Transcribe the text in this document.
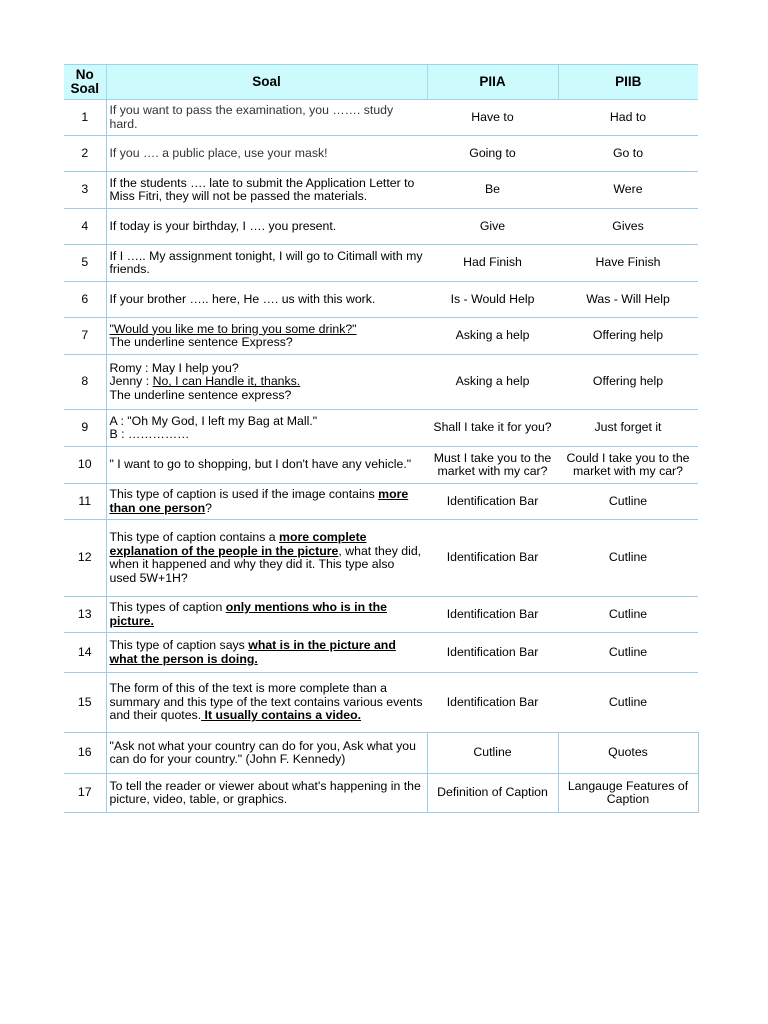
No Soal	Soal	PIIA	PIIB
1	If you want to pass the examination, you ……. study hard.	Have to	Had to
2	If you …. a public place, use your mask!	Going to	Go to
3	If the students …. late to submit the Application Letter to Miss Fitri, they will not be passed the materials.	Be	Were
4	If today is your birthday, I …. you present.	Give	Gives
5	If I ….. My assignment tonight, I will go to Citimall with my friends.	Had Finish	Have Finish
6	If your brother ….. here, He …. us with this work.	Is - Would Help	Was - Will Help
7	"Would you like me to bring you some drink?"
The underline sentence Express?	Asking a help	Offering help
8	Romy : May I help you?
Jenny : No, I can Handle it, thanks.
The underline sentence express?	Asking a help	Offering help
9	A : "Oh My God, I left my Bag at Mall."
B : ……………	Shall I take it for you?	Just forget it
10	" I want to go to shopping, but I don't have any vehicle."	Must I take you to the market with my car?	Could I take you to the market with my car?
11	This type of caption is used if the image contains more than one person?	Identification Bar	Cutline
12	This type of caption contains a more complete explanation of the people in the picture, what they did, when it happened and why they did it. This type also used 5W+1H?	Identification Bar	Cutline
13	This types of caption only mentions who is in the picture.	Identification Bar	Cutline
14	This type of caption says what is in the picture and what the person is doing.	Identification Bar	Cutline
15	The form of this of the text is more complete than a summary and this type of the text contains various events and their quotes. It usually contains a video.	Identification Bar	Cutline
16	"Ask not what your country can do for you, Ask what you can do for your country." (John F. Kennedy)	Cutline	Quotes
17	To tell the reader or viewer about what's happening in the picture, video, table, or graphics.	Definition of Caption	Langauge Features of Caption
